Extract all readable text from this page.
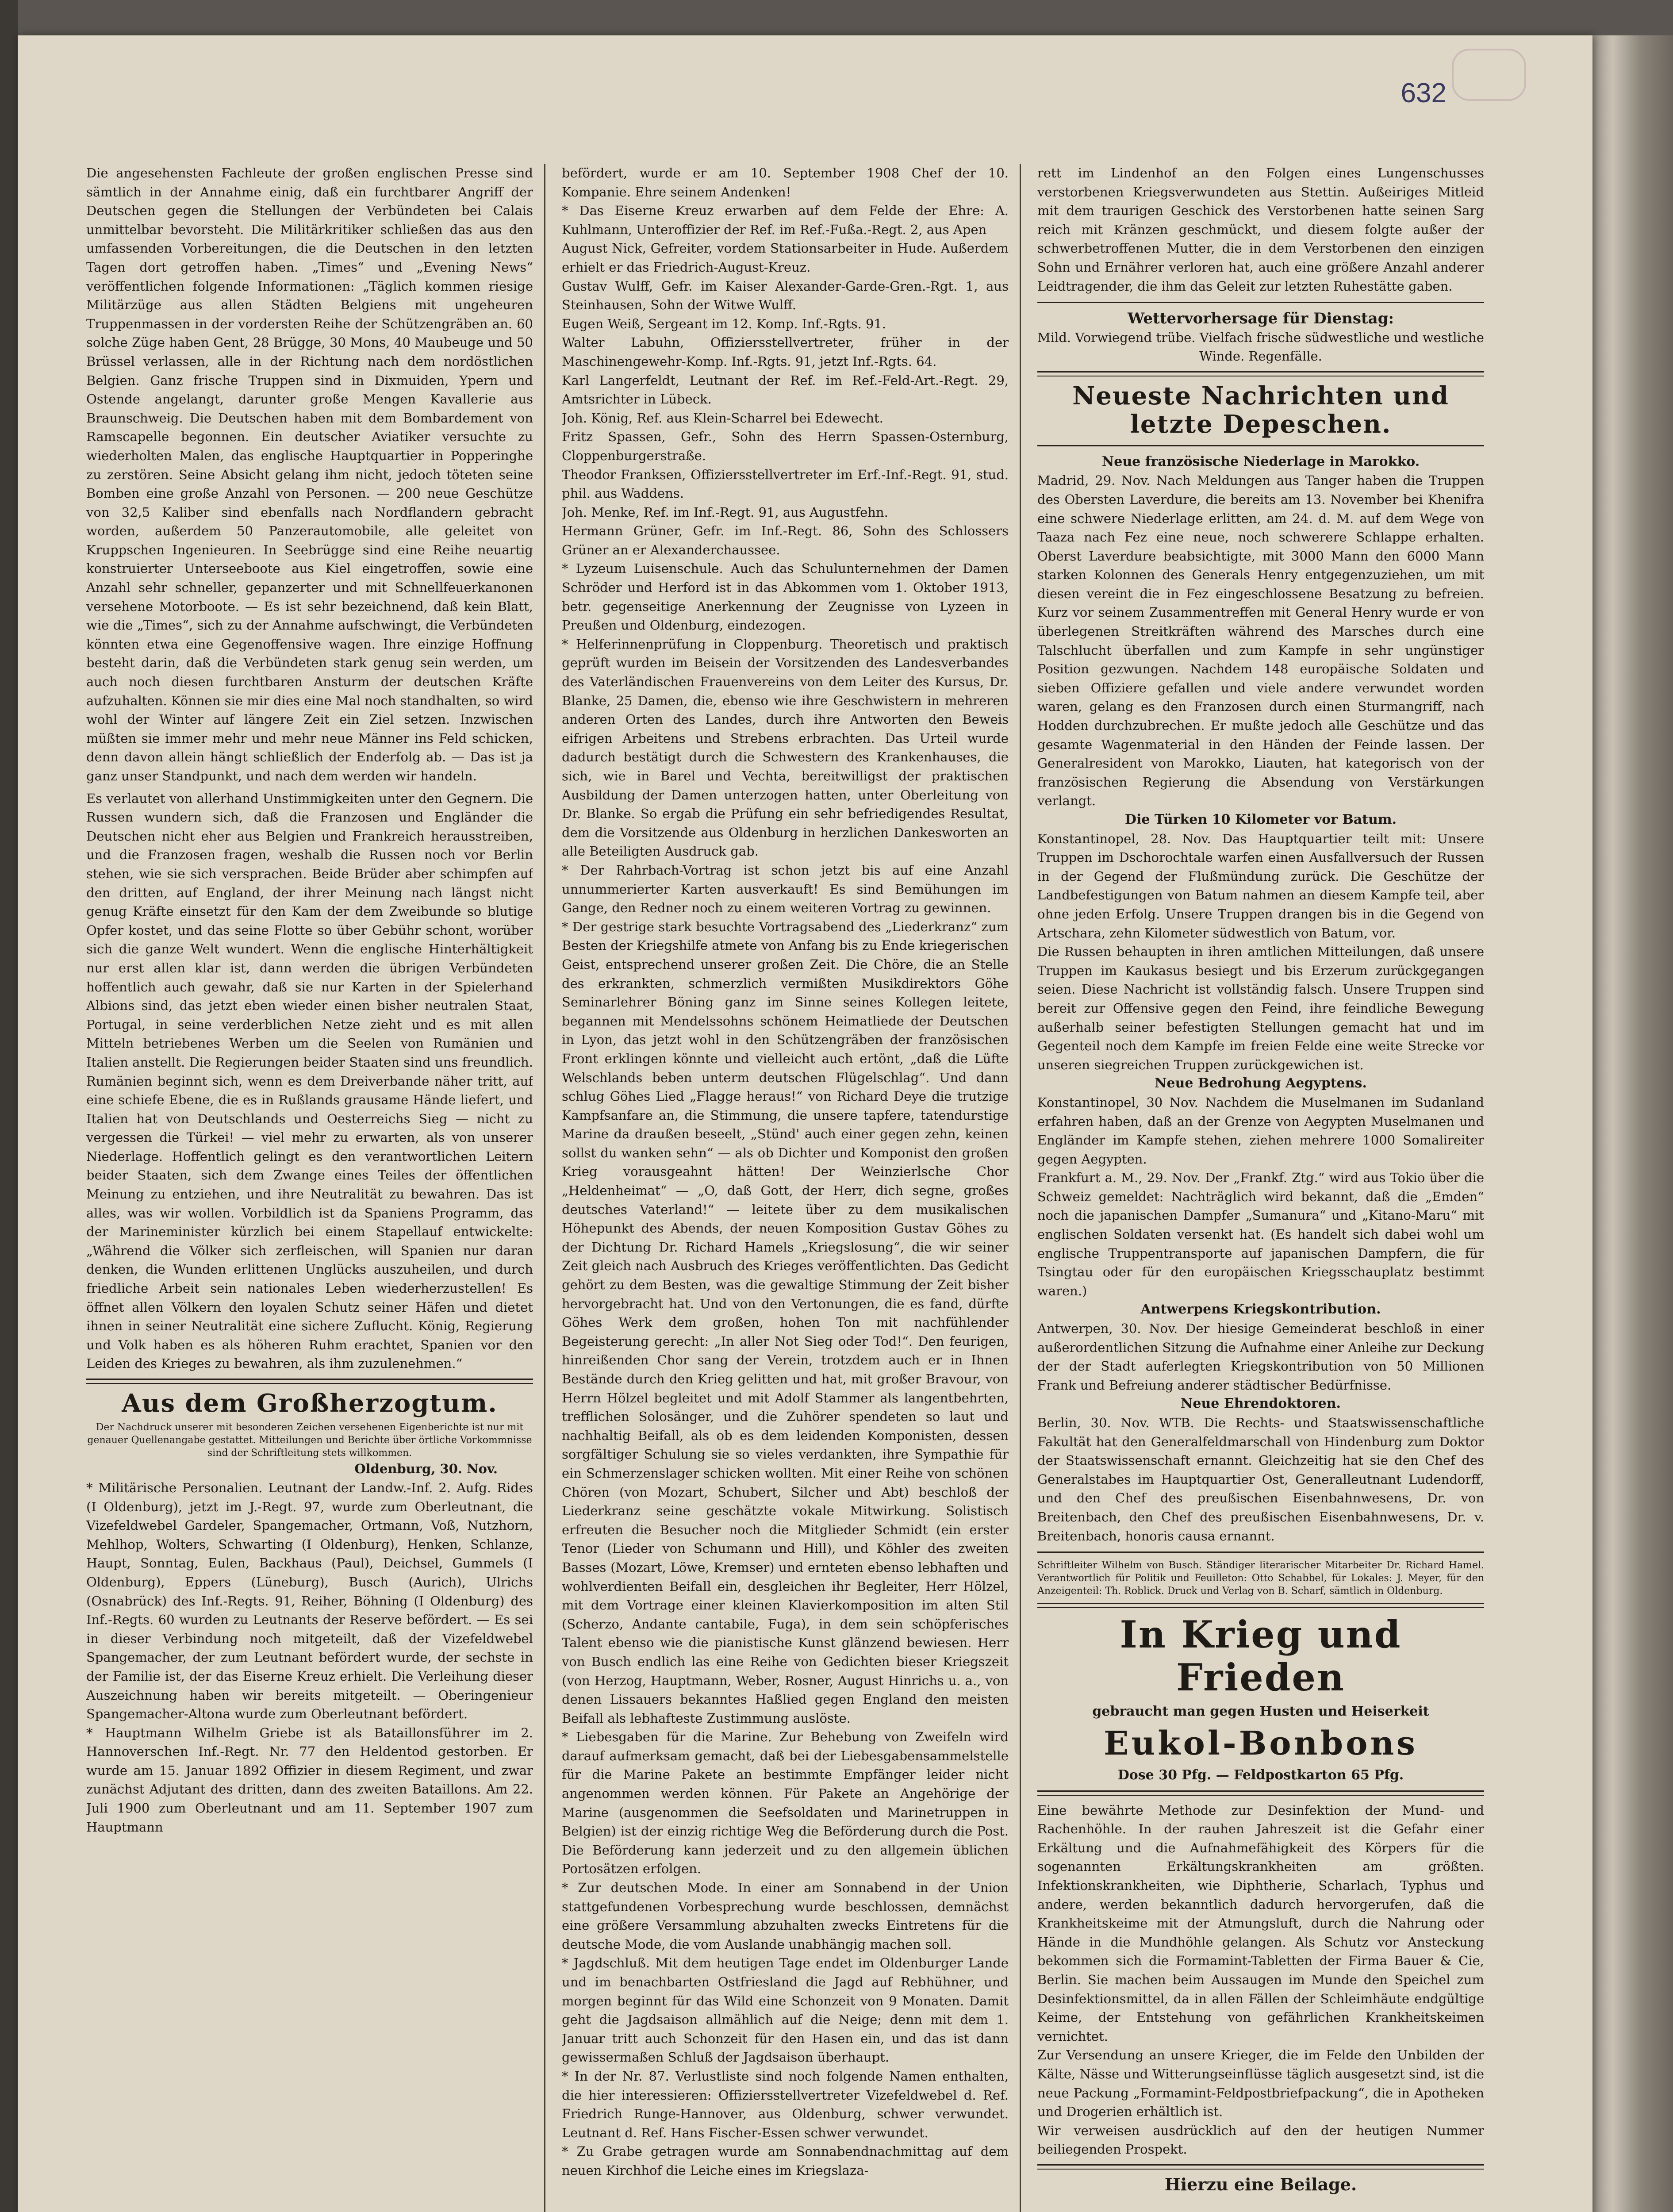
632

Die angesehensten Fachleute der großen englischen Presse sind sämtlich in der Annahme einig, daß ein furchtbarer Angriff der Deutschen gegen die Stellungen der Verbündeten bei Calais unmittelbar bevorsteht. Die Militärkritiker schließen das aus den umfassenden Vorbereitungen, die die Deutschen in den letzten Tagen dort getroffen haben. „Times“ und „Evening News“ veröffentlichen folgende Informationen: „Täglich kommen riesige Militärzüge aus allen Städten Belgiens mit ungeheuren Truppenmassen in der vordersten Reihe der Schützengräben an. 60 solche Züge haben Gent, 28 Brügge, 30 Mons, 40 Maubeuge und 50 Brüssel verlassen, alle in der Richtung nach dem nordöstlichen Belgien. Ganz frische Truppen sind in Dixmuiden, Ypern und Ostende angelangt, darunter große Mengen Kavallerie aus Braunschweig. Die Deutschen haben mit dem Bombardement von Ramscapelle begonnen. Ein deutscher Aviatiker versuchte zu wiederholten Malen, das englische Hauptquartier in Popperinghe zu zerstören. Seine Absicht gelang ihm nicht, jedoch töteten seine Bomben eine große Anzahl von Personen. — 200 neue Geschütze von 32,5 Kaliber sind ebenfalls nach Nordflandern gebracht worden, außerdem 50 Panzerautomobile, alle geleitet von Kruppschen Ingenieuren. In Seebrügge sind eine Reihe neuartig konstruierter Unterseeboote aus Kiel eingetroffen, sowie eine Anzahl sehr schneller, gepanzerter und mit Schnellfeuerkanonen versehene Motorboote. — Es ist sehr bezeichnend, daß kein Blatt, wie die „Times“, sich zu der Annahme aufschwingt, die Verbündeten könnten etwa eine Gegenoffensive wagen. Ihre einzige Hoffnung besteht darin, daß die Verbündeten stark genug sein werden, um auch noch diesen furchtbaren Ansturm der deutschen Kräfte aufzuhalten. Können sie mir dies eine Mal noch standhalten, so wird wohl der Winter auf längere Zeit ein Ziel setzen. Inzwischen müßten sie immer mehr und mehr neue Männer ins Feld schicken, denn davon allein hängt schließlich der Enderfolg ab. — Das ist ja ganz unser Standpunkt, und nach dem werden wir handeln.

Es verlautet von allerhand Unstimmigkeiten unter den Gegnern. Die Russen wundern sich, daß die Franzosen und Engländer die Deutschen nicht eher aus Belgien und Frankreich herausstreiben, und die Franzosen fragen, weshalb die Russen noch vor Berlin stehen, wie sie sich versprachen. Beide Brüder aber schimpfen auf den dritten, auf England, der ihrer Meinung nach längst nicht genug Kräfte einsetzt für den Kam der dem Zweibunde so blutige Opfer kostet, und das seine Flotte so über Gebühr schont, worüber sich die ganze Welt wundert. Wenn die englische Hinterhältigkeit nur erst allen klar ist, dann werden die übrigen Verbündeten hoffentlich auch gewahr, daß sie nur Karten in der Spielerhand Albions sind, das jetzt eben wieder einen bisher neutralen Staat, Portugal, in seine verderblichen Netze zieht und es mit allen Mitteln betriebenes Werben um die Seelen von Rumänien und Italien anstellt. Die Regierungen beider Staaten sind uns freundlich. Rumänien beginnt sich, wenn es dem Dreiverbande näher tritt, auf eine schiefe Ebene, die es in Rußlands grausame Hände liefert, und Italien hat von Deutschlands und Oesterreichs Sieg — nicht zu vergessen die Türkei! — viel mehr zu erwarten, als von unserer Niederlage. Hoffentlich gelingt es den verantwortlichen Leitern beider Staaten, sich dem Zwange eines Teiles der öffentlichen Meinung zu entziehen, und ihre Neutralität zu bewahren. Das ist alles, was wir wollen. Vorbildlich ist da Spaniens Programm, das der Marineminister kürzlich bei einem Stapellauf entwickelte: „Während die Völker sich zerfleischen, will Spanien nur daran denken, die Wunden erlittenen Unglücks auszuheilen, und durch friedliche Arbeit sein nationales Leben wiederherzustellen! Es öffnet allen Völkern den loyalen Schutz seiner Häfen und dietet ihnen in seiner Neutralität eine sichere Zuflucht. König, Regierung und Volk haben es als höheren Ruhm erachtet, Spanien vor den Leiden des Krieges zu bewahren, als ihm zuzulenehmen.“

Aus dem Großherzogtum.
Der Nachdruck unserer mit besonderen Zeichen versehenen Eigenberichte ist nur mit genauer Quellenangabe gestattet. Mitteilungen und Berichte über örtliche Vorkommnisse sind der Schriftleitung stets willkommen.
Oldenburg, 30. Nov.

* Militärische Personalien. Leutnant der Landw.-Inf. 2. Aufg. Rides (I Oldenburg), jetzt im J.-Regt. 97, wurde zum Oberleutnant, die Vizefeldwebel Gardeler, Spangemacher, Ortmann, Voß, Nutzhorn, Mehlhop, Wolters, Schwarting (I Oldenburg), Henken, Schlanze, Haupt, Sonntag, Eulen, Backhaus (Paul), Deichsel, Gummels (I Oldenburg), Eppers (Lüneburg), Busch (Aurich), Ulrichs (Osnabrück) des Inf.-Regts. 91, Reiher, Böhning (I Oldenburg) des Inf.-Regts. 60 wurden zu Leutnants der Reserve befördert. — Es sei in dieser Verbindung noch mitgeteilt, daß der Vizefeldwebel Spangemacher, der zum Leutnant befördert wurde, der sechste in der Familie ist, der das Eiserne Kreuz erhielt. Die Verleihung dieser Auszeichnung haben wir bereits mitgeteilt. — Oberingenieur Spangemacher-Altona wurde zum Oberleutnant befördert.

* Hauptmann Wilhelm Griebe ist als Bataillonsführer im 2. Hannoverschen Inf.-Regt. Nr. 77 den Heldentod gestorben. Er wurde am 15. Januar 1892 Offizier in diesem Regiment, und zwar zunächst Adjutant des dritten, dann des zweiten Bataillons. Am 22. Juli 1900 zum Oberleutnant und am 11. September 1907 zum Hauptmann

befördert, wurde er am 10. September 1908 Chef der 10. Kompanie. Ehre seinem Andenken!

* Das Eiserne Kreuz erwarben auf dem Felde der Ehre: A. Kuhlmann, Unteroffizier der Ref. im Ref.-Fußa.-Regt. 2, aus Apen

August Nick, Gefreiter, vordem Stationsarbeiter in Hude. Außerdem erhielt er das Friedrich-August-Kreuz.

Gustav Wulff, Gefr. im Kaiser Alexander-Garde-Gren.-Rgt. 1, aus Steinhausen, Sohn der Witwe Wulff.

Eugen Weiß, Sergeant im 12. Komp. Inf.-Rgts. 91.

Walter Labuhn, Offiziersstellvertreter, früher in der Maschinengewehr-Komp. Inf.-Rgts. 91, jetzt Inf.-Rgts. 64.

Karl Langerfeldt, Leutnant der Ref. im Ref.-Feld-Art.-Regt. 29, Amtsrichter in Lübeck.

Joh. König, Ref. aus Klein-Scharrel bei Edewecht.

Fritz Spassen, Gefr., Sohn des Herrn Spassen-Osternburg, Cloppenburgerstraße.

Theodor Franksen, Offiziersstellvertreter im Erf.-Inf.-Regt. 91, stud. phil. aus Waddens.

Joh. Menke, Ref. im Inf.-Regt. 91, aus Augustfehn.

Hermann Grüner, Gefr. im Inf.-Regt. 86, Sohn des Schlossers Grüner an er Alexanderchaussee.

* Lyzeum Luisenschule. Auch das Schulunternehmen der Damen Schröder und Herford ist in das Abkommen vom 1. Oktober 1913, betr. gegenseitige Anerkennung der Zeugnisse von Lyzeen in Preußen und Oldenburg, eindezogen.

* Helferinnenprüfung in Cloppenburg. Theoretisch und praktisch geprüft wurden im Beisein der Vorsitzenden des Landesverbandes des Vaterländischen Frauenvereins von dem Leiter des Kursus, Dr. Blanke, 25 Damen, die, ebenso wie ihre Geschwistern in mehreren anderen Orten des Landes, durch ihre Antworten den Beweis eifrigen Arbeitens und Strebens erbrachten. Das Urteil wurde dadurch bestätigt durch die Schwestern des Krankenhauses, die sich, wie in Barel und Vechta, bereitwilligst der praktischen Ausbildung der Damen unterzogen hatten, unter Oberleitung von Dr. Blanke. So ergab die Prüfung ein sehr befriedigendes Resultat, dem die Vorsitzende aus Oldenburg in herzlichen Dankesworten an alle Beteiligten Ausdruck gab.

* Der Rahrbach-Vortrag ist schon jetzt bis auf eine Anzahl unnummerierter Karten ausverkauft! Es sind Bemühungen im Gange, den Redner noch zu einem weiteren Vortrag zu gewinnen.

* Der gestrige stark besuchte Vortragsabend des „Liederkranz“ zum Besten der Kriegshilfe atmete von Anfang bis zu Ende kriegerischen Geist, entsprechend unserer großen Zeit. Die Chöre, die an Stelle des erkrankten, schmerzlich vermißten Musikdirektors Göhe Seminarlehrer Böning ganz im Sinne seines Kollegen leitete, begannen mit Mendelssohns schönem Heimatliede der Deutschen in Lyon, das jetzt wohl in den Schützengräben der französischen Front erklingen könnte und vielleicht auch ertönt, „daß die Lüfte Welschlands beben unterm deutschen Flügelschlag“. Und dann schlug Göhes Lied „Flagge heraus!“ von Richard Deye die trutzige Kampfsanfare an, die Stimmung, die unsere tapfere, tatendurstige Marine da draußen beseelt, „Stünd' auch einer gegen zehn, keinen sollst du wanken sehn“ — als ob Dichter und Komponist den großen Krieg vorausgeahnt hätten! Der Weinzierlsche Chor „Heldenheimat“ — „O, daß Gott, der Herr, dich segne, großes deutsches Vaterland!“ — leitete über zu dem musikalischen Höhepunkt des Abends, der neuen Komposition Gustav Göhes zu der Dichtung Dr. Richard Hamels „Kriegslosung“, die wir seiner Zeit gleich nach Ausbruch des Krieges veröffentlichten. Das Gedicht gehört zu dem Besten, was die gewaltige Stimmung der Zeit bisher hervorgebracht hat. Und von den Vertonungen, die es fand, dürfte Göhes Werk dem großen, hohen Ton mit nachfühlender Begeisterung gerecht: „In aller Not Sieg oder Tod!“. Den feurigen, hinreißenden Chor sang der Verein, trotzdem auch er in Ihnen Bestände durch den Krieg gelitten und hat, mit großer Bravour, von Herrn Hölzel begleitet und mit Adolf Stammer als langentbehrten, trefflichen Solosänger, und die Zuhörer spendeten so laut und nachhaltig Beifall, als ob es dem leidenden Komponisten, dessen sorgfältiger Schulung sie so vieles verdankten, ihre Sympathie für ein Schmerzenslager schicken wollten. Mit einer Reihe von schönen Chören (von Mozart, Schubert, Silcher und Abt) beschloß der Liederkranz seine geschätzte vokale Mitwirkung. Solistisch erfreuten die Besucher noch die Mitglieder Schmidt (ein erster Tenor (Lieder von Schumann und Hill), und Köhler des zweiten Basses (Mozart, Löwe, Kremser) und ernteten ebenso lebhaften und wohlverdienten Beifall ein, desgleichen ihr Begleiter, Herr Hölzel, mit dem Vortrage einer kleinen Klavierkomposition im alten Stil (Scherzo, Andante cantabile, Fuga), in dem sein schöpferisches Talent ebenso wie die pianistische Kunst glänzend bewiesen. Herr von Busch endlich las eine Reihe von Gedichten bieser Kriegszeit (von Herzog, Hauptmann, Weber, Rosner, August Hinrichs u. a., von denen Lissauers bekanntes Haßlied gegen England den meisten Beifall als lebhafteste Zustimmung auslöste.

* Liebesgaben für die Marine. Zur Behebung von Zweifeln wird darauf aufmerksam gemacht, daß bei der Liebesgabensammelstelle für die Marine Pakete an bestimmte Empfänger leider nicht angenommen werden können. Für Pakete an Angehörige der Marine (ausgenommen die Seefsoldaten und Marinetruppen in Belgien) ist der einzig richtige Weg die Beförderung durch die Post. Die Beförderung kann jederzeit und zu den allgemein üblichen Portosätzen erfolgen.

* Zur deutschen Mode. In einer am Sonnabend in der Union stattgefundenen Vorbesprechung wurde beschlossen, demnächst eine größere Versammlung abzuhalten zwecks Eintretens für die deutsche Mode, die vom Auslande unabhängig machen soll.

* Jagdschluß. Mit dem heutigen Tage endet im Oldenburger Lande und im benachbarten Ostfriesland die Jagd auf Rebhühner, und morgen beginnt für das Wild eine Schonzeit von 9 Monaten. Damit geht die Jagdsaison allmählich auf die Neige; denn mit dem 1. Januar tritt auch Schonzeit für den Hasen ein, und das ist dann gewissermaßen Schluß der Jagdsaison überhaupt.

* In der Nr. 87. Verlustliste sind noch folgende Namen enthalten, die hier interessieren: Offiziersstellvertreter Vizefeldwebel d. Ref. Friedrich Runge-Hannover, aus Oldenburg, schwer verwundet. Leutnant d. Ref. Hans Fischer-Essen schwer verwundet.

* Zu Grabe getragen wurde am Sonnabendnachmittag auf dem neuen Kirchhof die Leiche eines im Kriegslaza-

rett im Lindenhof an den Folgen eines Lungenschusses verstorbenen Kriegsverwundeten aus Stettin. Außeiriges Mitleid mit dem traurigen Geschick des Verstorbenen hatte seinen Sarg reich mit Kränzen geschmückt, und diesem folgte außer der schwerbetroffenen Mutter, die in dem Verstorbenen den einzigen Sohn und Ernährer verloren hat, auch eine größere Anzahl anderer Leidtragender, die ihm das Geleit zur letzten Ruhestätte gaben.

Wettervorhersage für Dienstag:

Mild. Vorwiegend trübe. Vielfach frische südwestliche und westliche Winde. Regenfälle.

Neueste Nachrichten und letzte Depeschen.
Neue französische Niederlage in Marokko.

Madrid, 29. Nov. Nach Meldungen aus Tanger haben die Truppen des Obersten Laverdure, die bereits am 13. November bei Khenifra eine schwere Niederlage erlitten, am 24. d. M. auf dem Wege von Taaza nach Fez eine neue, noch schwerere Schlappe erhalten. Oberst Laverdure beabsichtigte, mit 3000 Mann den 6000 Mann starken Kolonnen des Generals Henry entgegenzuziehen, um mit diesen vereint die in Fez eingeschlossene Besatzung zu befreien. Kurz vor seinem Zusammentreffen mit General Henry wurde er von überlegenen Streitkräften während des Marsches durch eine Talschlucht überfallen und zum Kampfe in sehr ungünstiger Position gezwungen. Nachdem 148 europäische Soldaten und sieben Offiziere gefallen und viele andere verwundet worden waren, gelang es den Franzosen durch einen Sturmangriff, nach Hodden durchzubrechen. Er mußte jedoch alle Geschütze und das gesamte Wagenmaterial in den Händen der Feinde lassen. Der Generalresident von Marokko, Liauten, hat kategorisch von der französischen Regierung die Absendung von Verstärkungen verlangt.

Die Türken 10 Kilometer vor Batum.

Konstantinopel, 28. Nov. Das Hauptquartier teilt mit: Unsere Truppen im Dschorochtale warfen einen Ausfallversuch der Russen in der Gegend der Flußmündung zurück. Die Geschütze der Landbefestigungen von Batum nahmen an diesem Kampfe teil, aber ohne jeden Erfolg. Unsere Truppen drangen bis in die Gegend von Artschara, zehn Kilometer südwestlich von Batum, vor.

Die Russen behaupten in ihren amtlichen Mitteilungen, daß unsere Truppen im Kaukasus besiegt und bis Erzerum zurückgegangen seien. Diese Nachricht ist vollständig falsch. Unsere Truppen sind bereit zur Offensive gegen den Feind, ihre feindliche Bewegung außerhalb seiner befestigten Stellungen gemacht hat und im Gegenteil noch dem Kampfe im freien Felde eine weite Strecke vor unseren siegreichen Truppen zurückgewichen ist.

Neue Bedrohung Aegyptens.

Konstantinopel, 30 Nov. Nachdem die Muselmanen im Sudanland erfahren haben, daß an der Grenze von Aegypten Muselmanen und Engländer im Kampfe stehen, ziehen mehrere 1000 Somalireiter gegen Aegypten.

Frankfurt a. M., 29. Nov. Der „Frankf. Ztg.“ wird aus Tokio über die Schweiz gemeldet: Nachträglich wird bekannt, daß die „Emden“ noch die japanischen Dampfer „Sumanura“ und „Kitano-Maru“ mit englischen Soldaten versenkt hat. (Es handelt sich dabei wohl um englische Truppentransporte auf japanischen Dampfern, die für Tsingtau oder für den europäischen Kriegsschauplatz bestimmt waren.)

Antwerpens Kriegskontribution.

Antwerpen, 30. Nov. Der hiesige Gemeinderat beschloß in einer außerordentlichen Sitzung die Aufnahme einer Anleihe zur Deckung der der Stadt auferlegten Kriegskontribution von 50 Millionen Frank und Befreiung anderer städtischer Bedürfnisse.

Neue Ehrendoktoren.

Berlin, 30. Nov. WTB. Die Rechts- und Staatswissenschaftliche Fakultät hat den Generalfeldmarschall von Hindenburg zum Doktor der Staatswissenschaft ernannt. Gleichzeitig hat sie den Chef des Generalstabes im Hauptquartier Ost, Generalleutnant Ludendorff, und den Chef des preußischen Eisenbahnwesens, Dr. von Breitenbach, den Chef des preußischen Eisenbahnwesens, Dr. v. Breitenbach, honoris causa ernannt.

Schriftleiter Wilhelm von Busch. Ständiger literarischer Mitarbeiter Dr. Richard Hamel. Verantwortlich für Politik und Feuilleton: Otto Schabbel, für Lokales: J. Meyer, für den Anzeigenteil: Th. Roblick. Druck und Verlag von B. Scharf, sämtlich in Oldenburg.

In Krieg und Frieden
gebraucht man gegen Husten und Heiserkeit
Eukol-Bonbons
Dose 30 Pfg. — Feldpostkarton 65 Pfg.

Eine bewährte Methode zur Desinfektion der Mund- und Rachenhöhle. In der rauhen Jahreszeit ist die Gefahr einer Erkältung und die Aufnahmefähigkeit des Körpers für die sogenannten Erkältungskrankheiten am größten. Infektionskrankheiten, wie Diphtherie, Scharlach, Typhus und andere, werden bekanntlich dadurch hervorgerufen, daß die Krankheitskeime mit der Atmungsluft, durch die Nahrung oder Hände in die Mundhöhle gelangen. Als Schutz vor Ansteckung bekommen sich die Formamint-Tabletten der Firma Bauer & Cie, Berlin. Sie machen beim Aussaugen im Munde den Speichel zum Desinfektionsmittel, da in allen Fällen der Schleimhäute endgültige Keime, der Entstehung von gefährlichen Krankheitskeimen vernichtet.

Zur Versendung an unsere Krieger, die im Felde den Unbilden der Kälte, Nässe und Witterungseinflüsse täglich ausgesetzt sind, ist die neue Packung „Formamint-Feldpostbriefpackung“, die in Apotheken und Drogerien erhältlich ist.

Wir verweisen ausdrücklich auf den der heutigen Nummer beiliegenden Prospekt.

Hierzu eine Beilage.
